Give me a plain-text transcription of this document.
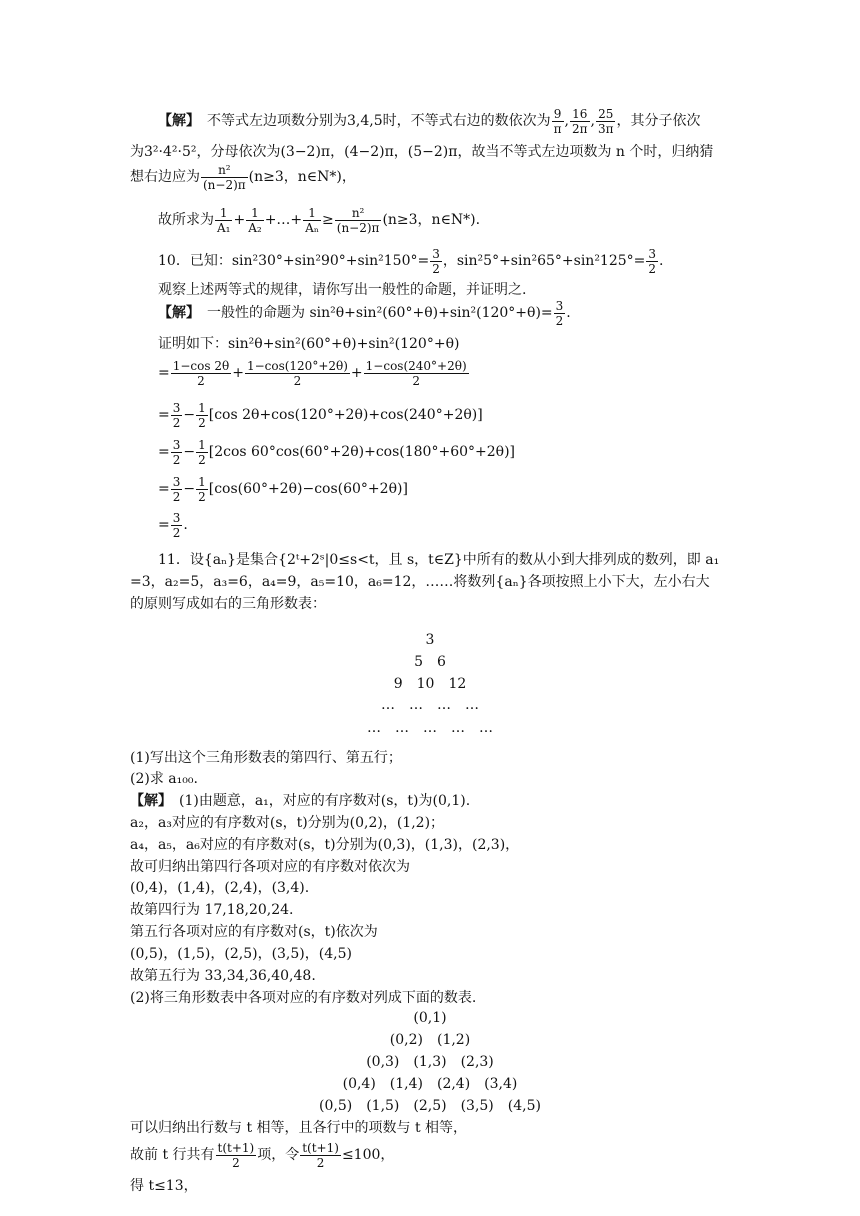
【解】　不等式左边项数分别为3,4,5时，不等式右边的数依次为 $\frac{9}{\pi}$ , $\frac{16}{2\pi}$ , $\frac{25}{3\pi}$ ，其分子依次
为3²·4²·5²，分母依次为(3−2)π，(4−2)π，(5−2)π，故当不等式左边项数为 n 个时，归纳猜
想右边应为 $\frac{\text{n²}}{(n-2)\pi} (n\ge 3$，n∈N*)，
故所求为 $\frac{1}{\text{A₁}} + \frac{1}{\text{A₂}}$ +…+ $\frac{1}{\text{Aₙ}} \ge \frac{\text{n²}}{(n-2)\pi} (n\ge 3$，n∈N*).
10．已知：$\sin^230^\circ+\sin^290^\circ+\sin^2150^\circ= \frac{3}{2}$ ，$\sin^25^\circ+\sin^265^\circ+\sin^2125^\circ= \frac{3}{2}$ .
观察上述两等式的规律，请你写出一般性的命题，并证明之.
【解】　一般性的命题为 $\sin^2\theta+\sin^2(60^\circ+\theta)+\sin^2(120^\circ+\theta)= \frac{3}{2}$ .
证明如下：sin²θ+sin²(60°+θ)+sin²(120°+θ)
= $\frac{1-\cos 2\theta}{2} + \frac{1-\cos(120^\circ+2\theta)}{2} + \frac{1-\cos(240^\circ+2\theta)}{2}$
= $\frac{3}{2} - \frac{1}{2} [\cos$ 2θ+cos(120°+2θ)+cos(240°+2θ)]
= $\frac{3}{2} - \frac{1}{2} [2\cos$ 60°cos(60°+2θ)+cos(180°+60°+2θ)]
= $\frac{3}{2} - \frac{1}{2} [\cos(60^\circ+2\theta)-\cos(60^\circ+2\theta)]$
= $\frac{3}{2}$ .
11．设{aₙ}是集合{2ᵗ+2ˢ|0≤s<t，且 s，t∈Z}中所有的数从小到大排列成的数列，即 a₁
=3，a₂=5，a₃=6，a₄=9，a₅=10，a₆=12，……将数列{aₙ}各项按照上小下大，左小右大
的原则写成如右的三角形数表：
3
5　6
9　10　12
…　…　…　…
…　…　…　…　…
(1)写出这个三角形数表的第四行、第五行；
(2)求 a₁₀₀.
【解】　(1)由题意，a₁，对应的有序数对(s，t)为(0,1).
a₂，a₃对应的有序数对(s，t)分别为(0,2)，(1,2)；
a₄，a₅，a₆对应的有序数对(s，t)分别为(0,3)，(1,3)，(2,3)，
故可归纳出第四行各项对应的有序数对依次为
(0,4)，(1,4)，(2,4)，(3,4).
故第四行为 17,18,20,24.
第五行各项对应的有序数对(s，t)依次为
(0,5)，(1,5)，(2,5)，(3,5)，(4,5)
故第五行为 33,34,36,40,48.
(2)将三角形数表中各项对应的有序数对列成下面的数表.
(0,1)
(0,2)　(1,2)
(0,3)　(1,3)　(2,3)
(0,4)　(1,4)　(2,4)　(3,4)
(0,5)　(1,5)　(2,5)　(3,5)　(4,5)
可以归纳出行数与 t 相等，且各行中的项数与 t 相等，
故前 t 行共有 $\frac{t(t+1)}{2}$ 项，令 $\frac{t(t+1)}{2} \le 100$，
得 t≤13，
